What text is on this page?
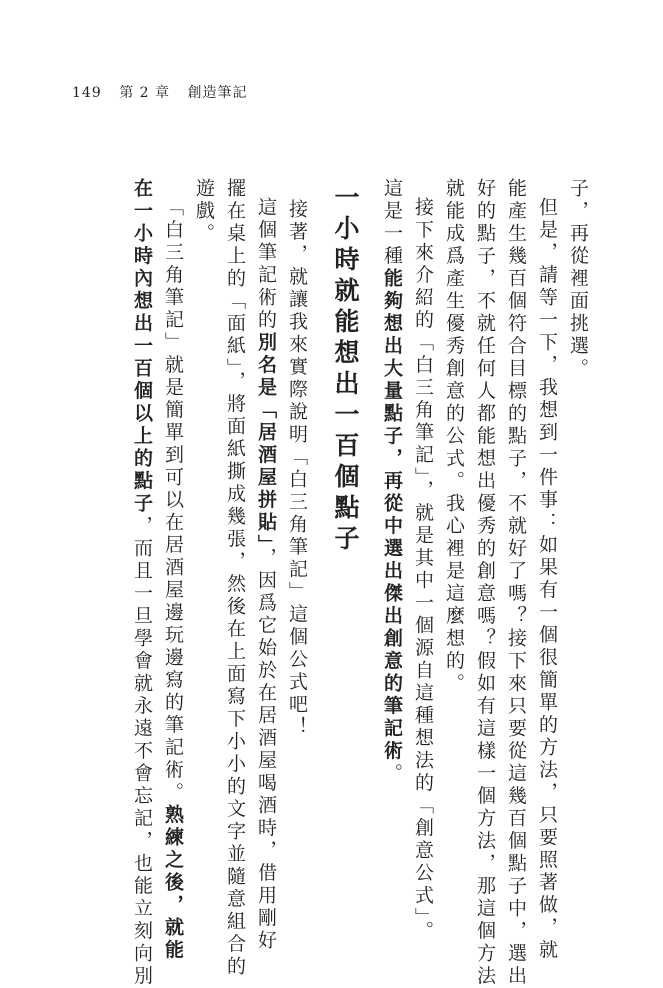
149 第 2 章 創造筆記
子，再從裡面挑選。
但是，請等一下，我想到一件事：如果有一個很簡單的方法，只要照著做，就
能產生幾百個符合目標的點子，不就好了嗎？接下來只要從這幾百個點子中，選出
好的點子，不就任何人都能想出優秀的創意嗎？假如有這樣一個方法，那這個方法
就能成爲產生優秀創意的公式。我心裡是這麼想的。
接下來介紹的「白三角筆記」，就是其中一個源自這種想法的「創意公式」。
這是一種能夠想出大量點子，再從中選出傑出創意的筆記術。
一小時就能想出一百個點子
接著，就讓我來實際說明「白三角筆記」這個公式吧！
這個筆記術的別名是「居酒屋拼貼」，因爲它始於在居酒屋喝酒時，借用剛好
擺在桌上的「面紙」，將面紙撕成幾張，然後在上面寫下小小的文字並隨意組合的
遊戲。
「白三角筆記」就是簡單到可以在居酒屋邊玩邊寫的筆記術。熟練之後，就能
在一小時內想出一百個以上的點子，而且一旦學會就永遠不會忘記，也能立刻向別
